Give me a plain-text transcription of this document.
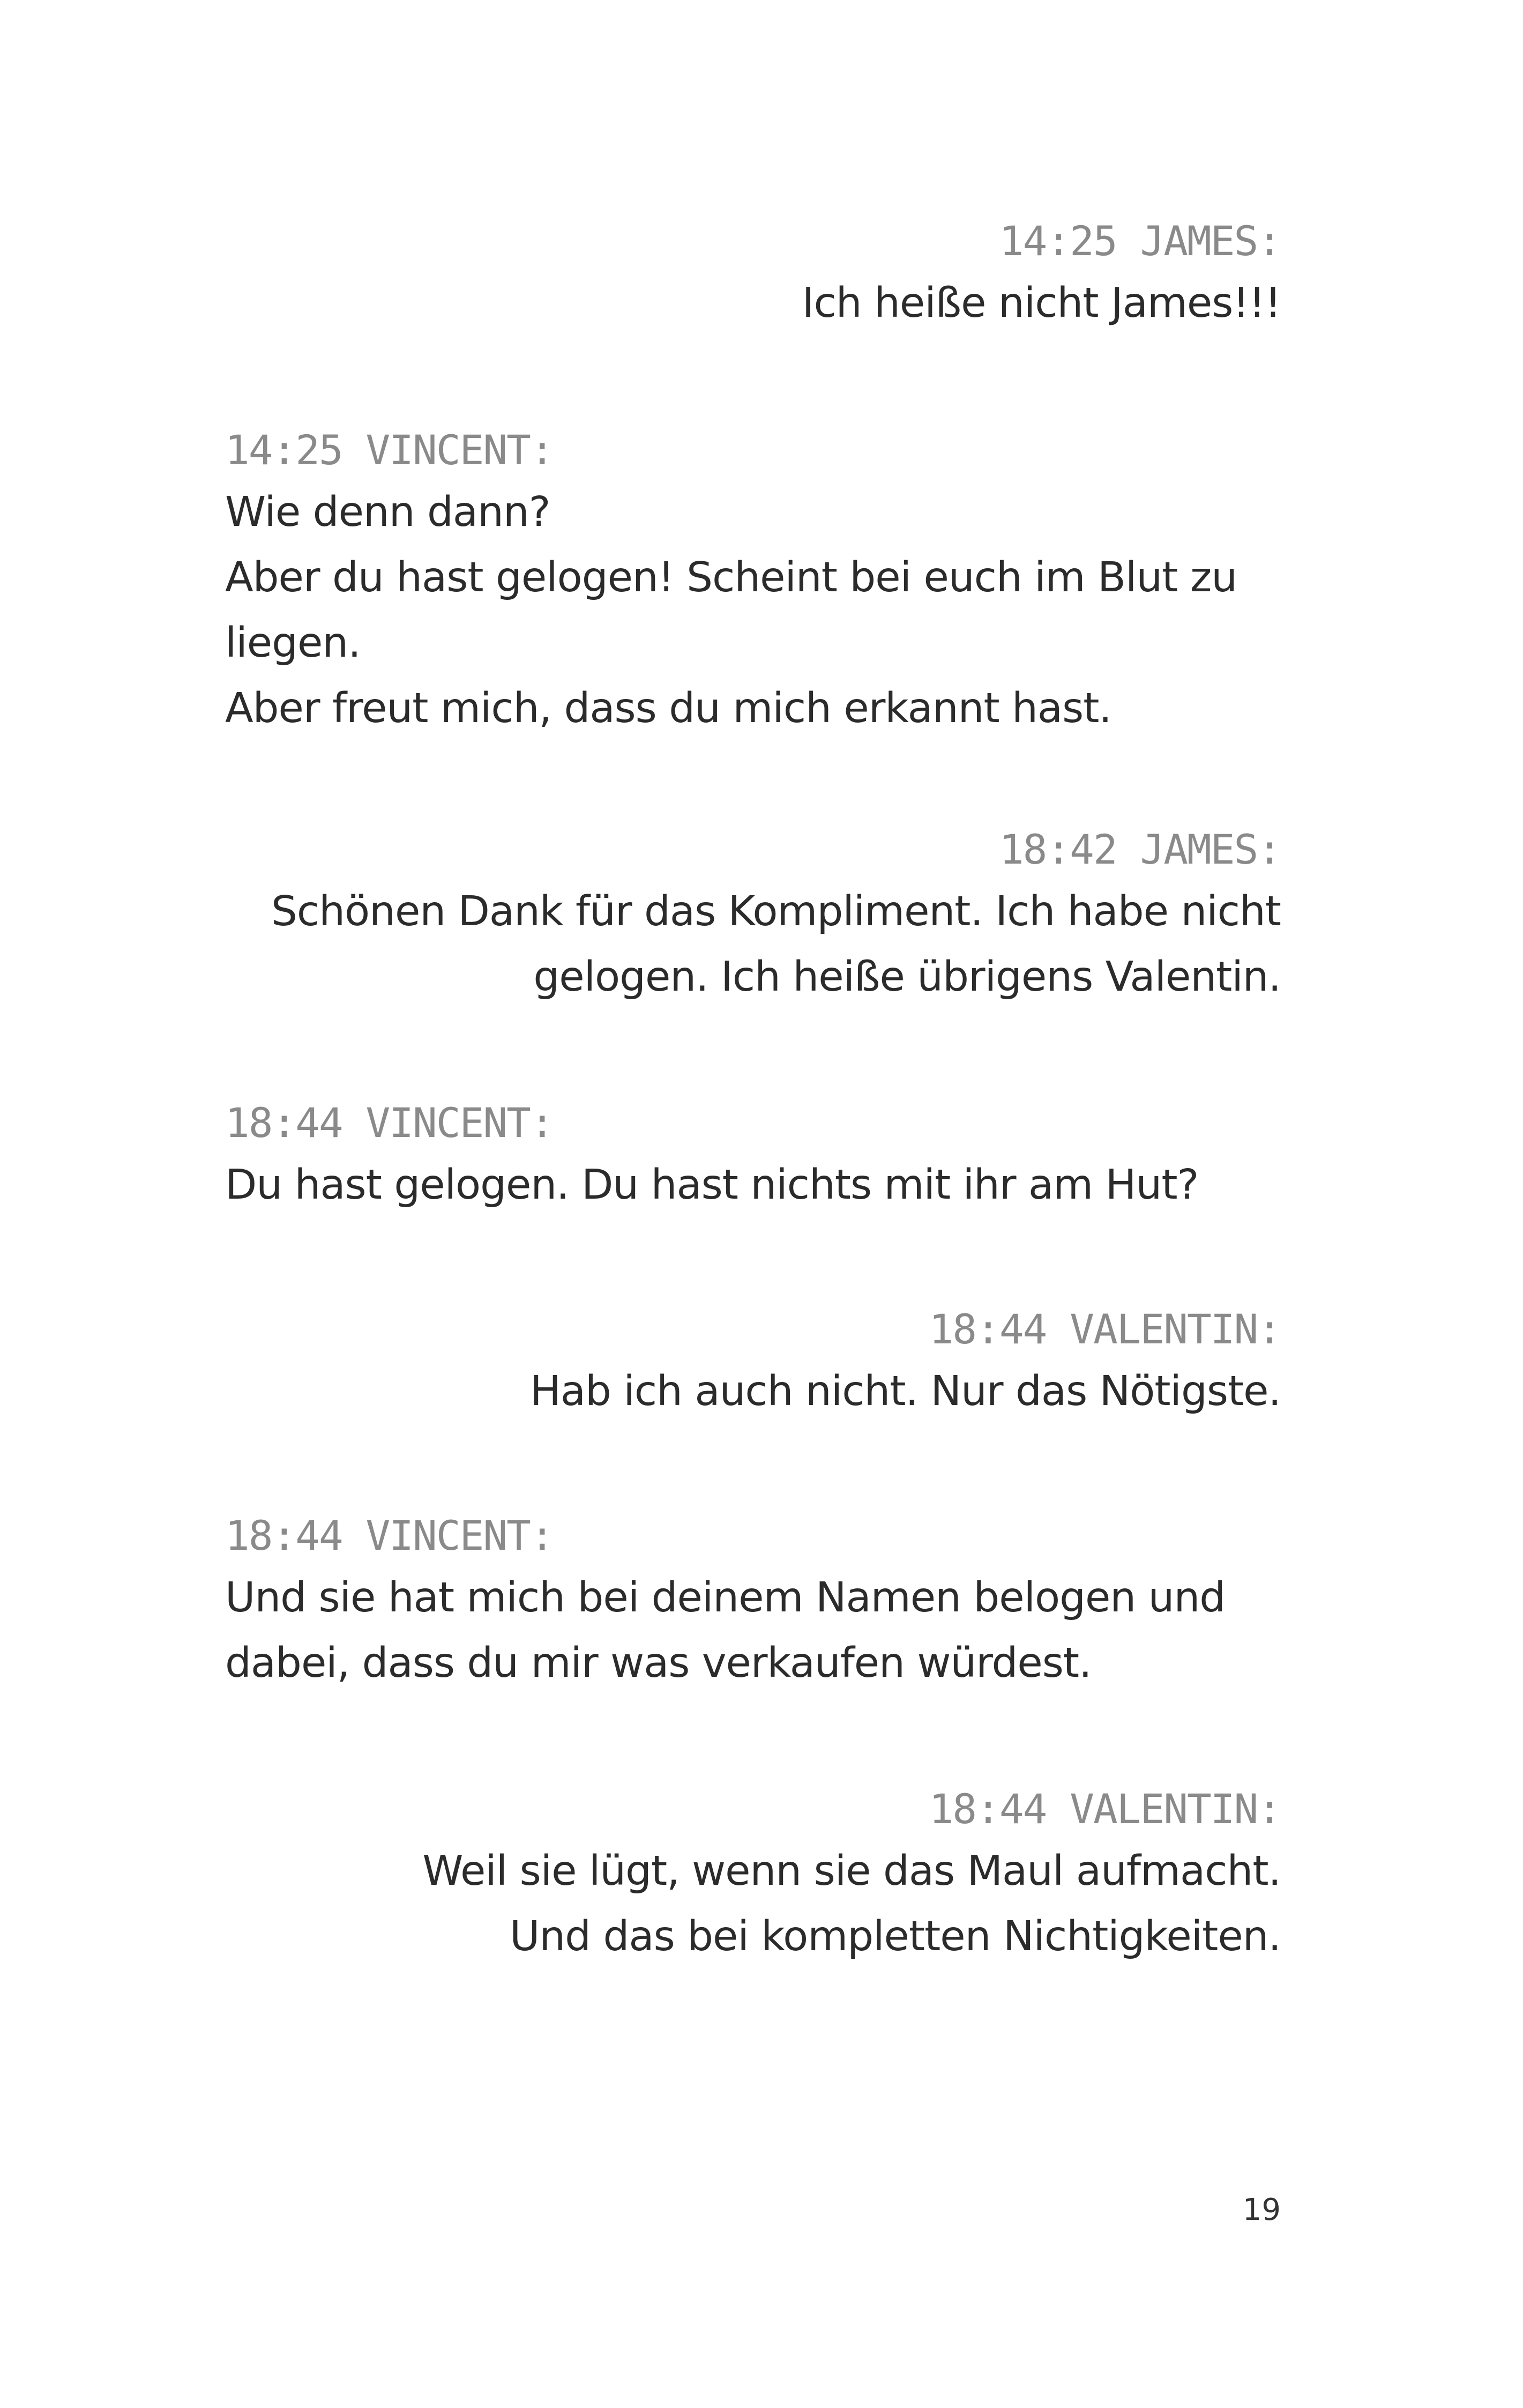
14:25 JAMES:
Ich heiße nicht James!!!
14:25 VINCENT:
Wie denn dann?
Aber du hast gelogen! Scheint bei euch im Blut zu
liegen.
Aber freut mich, dass du mich erkannt hast.
18:42 JAMES:
Schönen Dank für das Kompliment. Ich habe nicht
gelogen. Ich heiße übrigens Valentin.
18:44 VINCENT:
Du hast gelogen. Du hast nichts mit ihr am Hut?
18:44 VALENTIN:
Hab ich auch nicht. Nur das Nötigste.
18:44 VINCENT:
Und sie hat mich bei deinem Namen belogen und
dabei, dass du mir was verkaufen würdest.
18:44 VALENTIN:
Weil sie lügt, wenn sie das Maul aufmacht.
Und das bei kompletten Nichtigkeiten.
19
